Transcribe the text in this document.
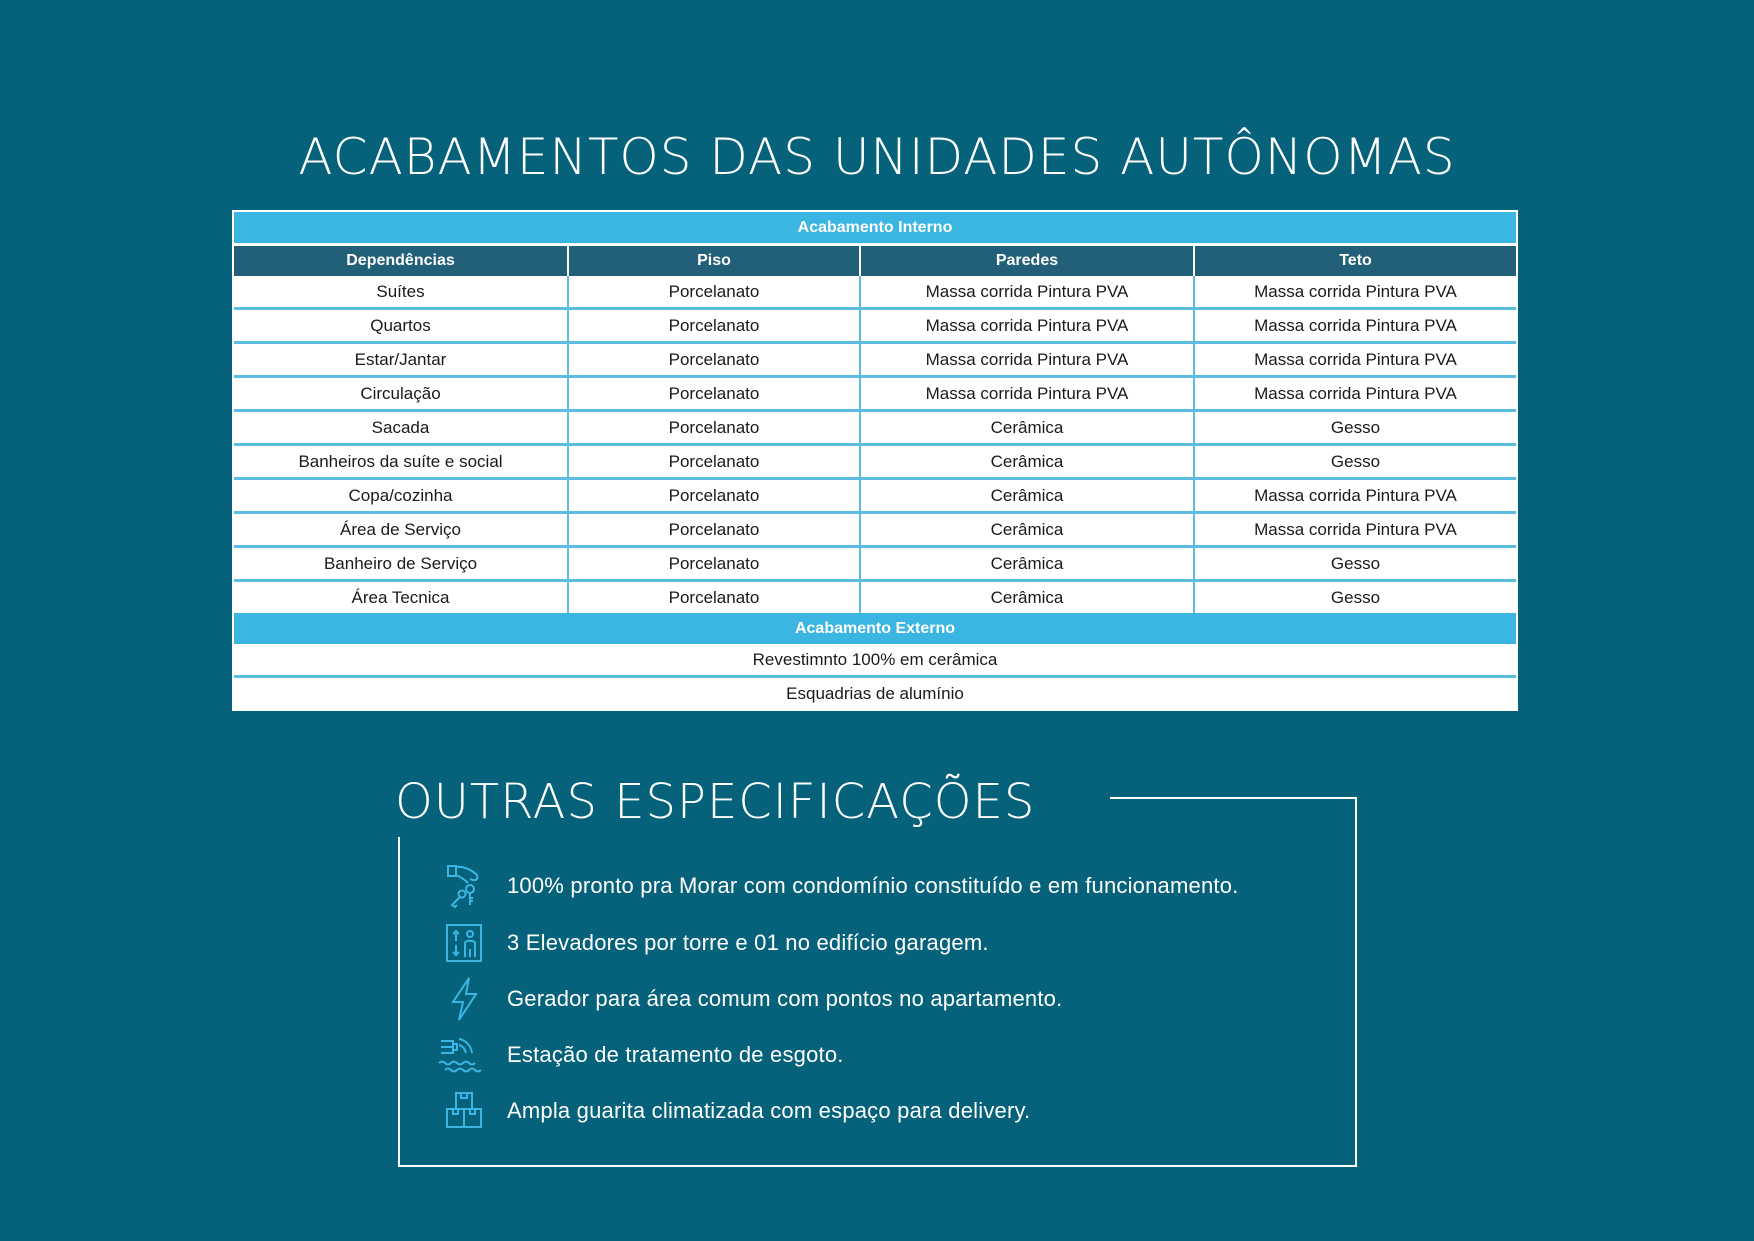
ACABAMENTOS DAS UNIDADES AUTÔNOMAS
Acabamento Interno			
Dependências	Piso	Paredes	Teto
Suítes	Porcelanato	Massa corrida Pintura PVA	Massa corrida Pintura PVA
Quartos	Porcelanato	Massa corrida Pintura PVA	Massa corrida Pintura PVA
Estar/Jantar	Porcelanato	Massa corrida Pintura PVA	Massa corrida Pintura PVA
Circulação	Porcelanato	Massa corrida Pintura PVA	Massa corrida Pintura PVA
Sacada	Porcelanato	Cerâmica	Gesso
Banheiros da suíte e social	Porcelanato	Cerâmica	Gesso
Copa/cozinha	Porcelanato	Cerâmica	Massa corrida Pintura PVA
Área de Serviço	Porcelanato	Cerâmica	Massa corrida Pintura PVA
Banheiro de Serviço	Porcelanato	Cerâmica	Gesso
Área Tecnica	Porcelanato	Cerâmica	Gesso
Acabamento Externo			
Revestimnto 100% em cerâmica			
Esquadrias de alumínio			
OUTRAS ESPECIFICAÇÕES
100% pronto pra Morar com condomínio constituído e em funcionamento.
3 Elevadores por torre e 01 no edifício garagem.
Gerador para área comum com pontos no apartamento.
Estação de tratamento de esgoto.
Ampla guarita climatizada com espaço para delivery.
